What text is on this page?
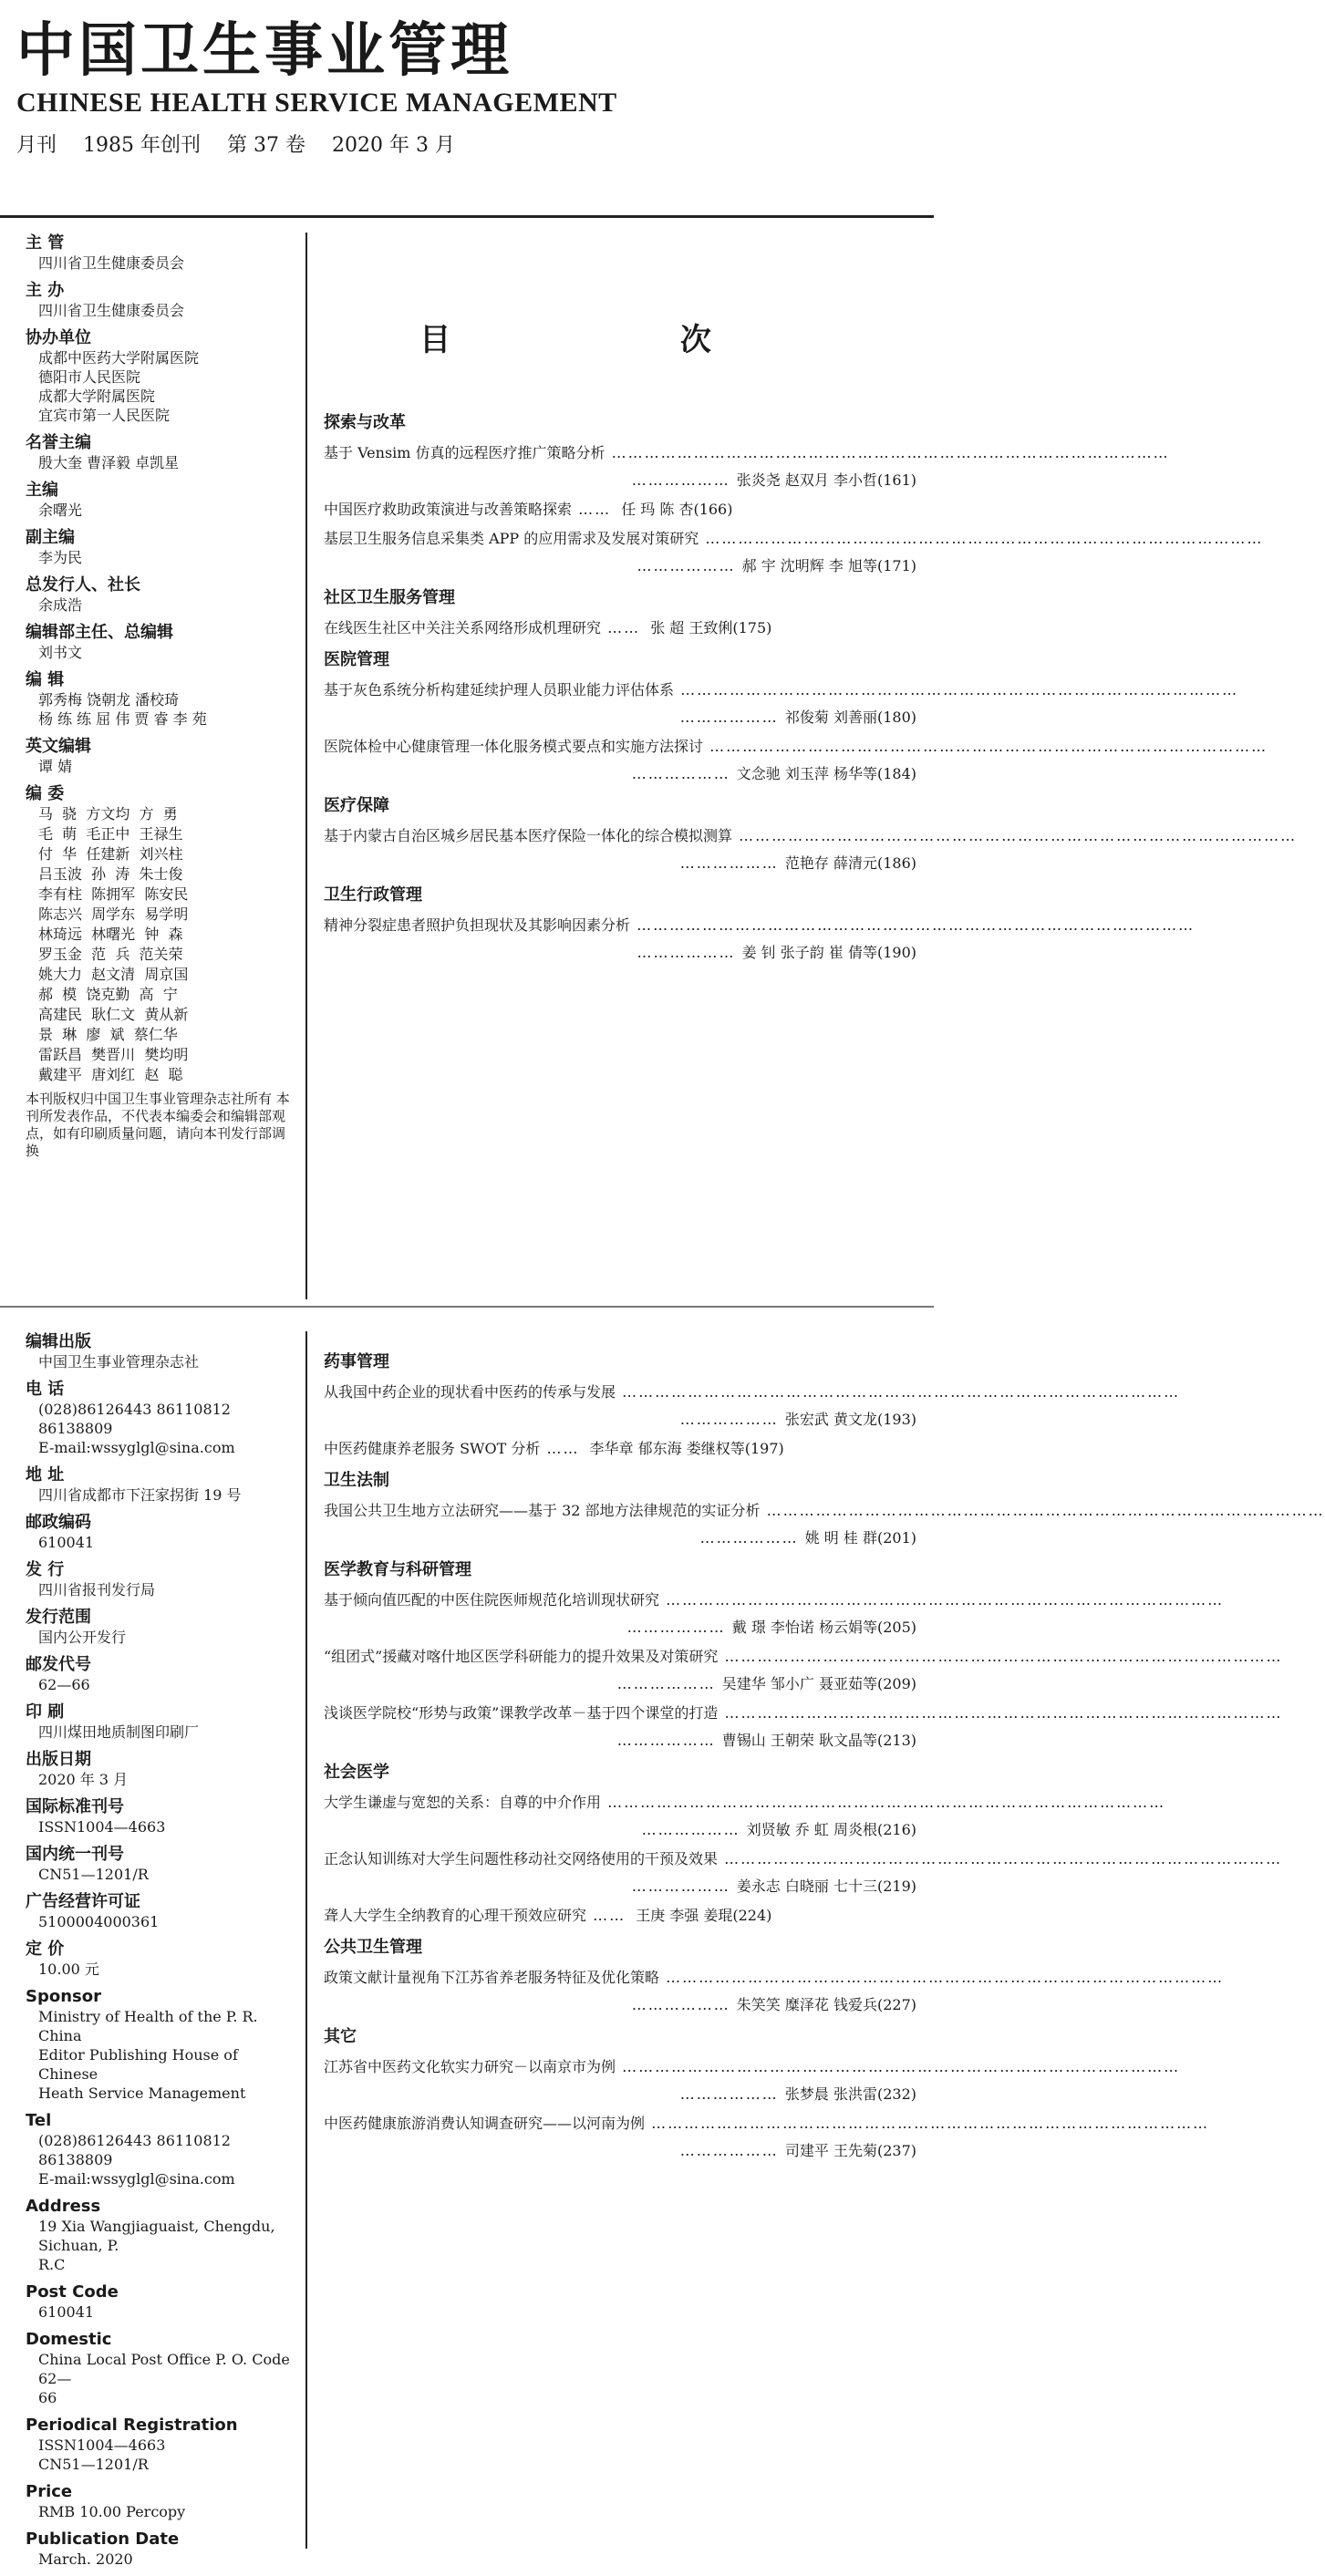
中国卫生事业管理
CHINESE HEALTH SERVICE MANAGEMENT
月刊 1985 年创刊 第 37 卷 2020 年 3 月
主 管
四川省卫生健康委员会
主 办
四川省卫生健康委员会
协办单位
成都中医药大学附属医院
德阳市人民医院
成都大学附属医院
宜宾市第一人民医院
名誉主编
殷大奎 曹泽毅 卓凯星
主编
余曙光
副主编
李为民
总发行人、社长
余成浩
编辑部主任、总编辑
刘书文
编 辑
郭秀梅 饶朝龙 潘校琦
杨 练 练 屈 伟 贾 睿 李 苑
英文编辑
谭 婧
编 委
马  骁  方文均  方  勇
毛  萌  毛正中  王禄生
付  华  任建新  刘兴柱
吕玉波  孙  涛  朱士俊
李有柱  陈拥军  陈安民
陈志兴  周学东  易学明
林琦远  林曙光  钟  森
罗玉金  范  兵  范关荣
姚大力  赵文清  周京国
郝  模  饶克勤  高  宁
高建民  耿仁文  黄从新
景  琳  廖  斌  蔡仁华
雷跃昌  樊晋川  樊均明
戴建平  唐刘红  赵  聪
本刊版权归中国卫生事业管理杂志社所有 本刊所发表作品，不代表本编委会和编辑部观点，如有印刷质量问题，请向本刊发行部调换
目 次
探索与改革
基于 Vensim 仿真的远程医疗推广策略分析 …………………………………………………………………………………………
……………… 张炎尧 赵双月 李小哲(161)
中国医疗救助政策演进与改善策略探索 …… 任 玛 陈 杏(166)
基层卫生服务信息采集类 APP 的应用需求及发展对策研究 …………………………………………………………………………………………
……………… 郝 宇 沈明辉 李 旭等(171)
社区卫生服务管理
在线医生社区中关注关系网络形成机理研究 …… 张 超 王致俐(175)
医院管理
基于灰色系统分析构建延续护理人员职业能力评估体系 …………………………………………………………………………………………
……………… 祁俊菊 刘善丽(180)
医院体检中心健康管理一体化服务模式要点和实施方法探讨 …………………………………………………………………………………………
……………… 文念驰 刘玉萍 杨华等(184)
医疗保障
基于内蒙古自治区城乡居民基本医疗保险一体化的综合模拟测算 …………………………………………………………………………………………
……………… 范艳存 薛清元(186)
卫生行政管理
精神分裂症患者照护负担现状及其影响因素分析 …………………………………………………………………………………………
……………… 姜 钊 张子韵 崔 倩等(190)
编辑出版
中国卫生事业管理杂志社
电 话
(028)86126443 86110812 86138809
E-mail:wssyglgl@sina.com
地 址
四川省成都市下汪家拐街 19 号
邮政编码
610041
发 行
四川省报刊发行局
发行范围
国内公开发行
邮发代号
62—66
印 刷
四川煤田地质制图印刷厂
出版日期
2020 年 3 月
国际标准刊号
ISSN1004—4663
国内统一刊号
CN51—1201/R
广告经营许可证
5100004000361
定 价
10.00 元
Sponsor
Ministry of Health of the P. R. China
Editor Publishing House of Chinese
Heath Service Management
Tel
(028)86126443 86110812 86138809
E-mail:wssyglgl@sina.com
Address
19 Xia Wangjiaguaist, Chengdu, Sichuan, P.
R.C
Post Code
610041
Domestic
China Local Post Office P. O. Code 62—
66
Periodical Registration
ISSN1004—4663
CN51—1201/R
Price
RMB 10.00 Percopy
Publication Date
March. 2020
药事管理
从我国中药企业的现状看中医药的传承与发展 …………………………………………………………………………………………
……………… 张宏武 黄文龙(193)
中医药健康养老服务 SWOT 分析 …… 李华章 郁东海 娄继权等(197)
卫生法制
我国公共卫生地方立法研究——基于 32 部地方法律规范的实证分析 …………………………………………………………………………………………
……………… 姚 明 桂 群(201)
医学教育与科研管理
基于倾向值匹配的中医住院医师规范化培训现状研究 …………………………………………………………………………………………
……………… 戴 璟 李怡诺 杨云娟等(205)
“组团式”援藏对喀什地区医学科研能力的提升效果及对策研究 …………………………………………………………………………………………
……………… 吴建华 邹小广 聂亚茹等(209)
浅谈医学院校“形势与政策”课教学改革－基于四个课堂的打造 …………………………………………………………………………………………
……………… 曹锡山 王朝荣 耿文晶等(213)
社会医学
大学生谦虚与宽恕的关系：自尊的中介作用 …………………………………………………………………………………………
……………… 刘贤敏 乔 虹 周炎根(216)
正念认知训练对大学生问题性移动社交网络使用的干预及效果 …………………………………………………………………………………………
……………… 姜永志 白晓丽 七十三(219)
聋人大学生全纳教育的心理干预效应研究 …… 王庚 李强 姜琨(224)
公共卫生管理
政策文献计量视角下江苏省养老服务特征及优化策略 …………………………………………………………………………………………
……………… 朱笑笑 糜泽花 钱爱兵(227)
其它
江苏省中医药文化软实力研究－以南京市为例 …………………………………………………………………………………………
……………… 张梦晨 张洪雷(232)
中医药健康旅游消费认知调查研究——以河南为例 …………………………………………………………………………………………
……………… 司建平 王先菊(237)
